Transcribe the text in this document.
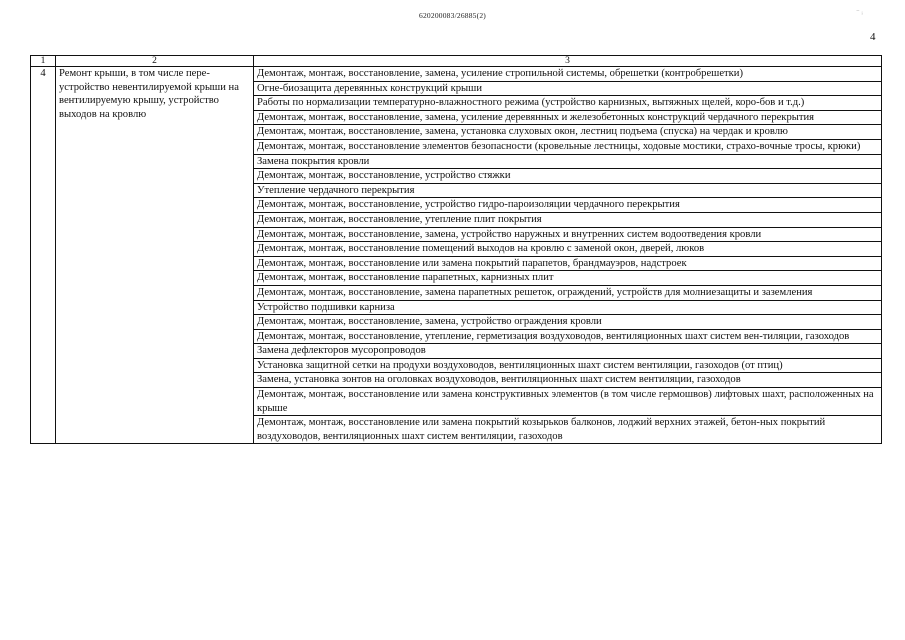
620200083/26885(2)	⁻ ᵢ
4
1	2	3
4	Ремонт крыши, в том числе пере-устройство невентилируемой крыши на вентилируемую крышу, устройство выходов на кровлю	Демонтаж, монтаж, восстановление, замена, усиление стропильной системы, обрешетки (контробрешетки)
		Огне-биозащита деревянных конструкций крыши
		Работы по нормализации температурно-влажностного режима (устройство карнизных, вытяжных щелей, коро-бов и т.д.)
		Демонтаж, монтаж, восстановление, замена, усиление деревянных и железобетонных конструкций чердачного перекрытия
		Демонтаж, монтаж, восстановление, замена, установка слуховых окон, лестниц подъема (спуска) на чердак и кровлю
		Демонтаж, монтаж, восстановление элементов безопасности (кровельные лестницы, ходовые мостики, страхо-вочные тросы, крюки)
		Замена покрытия кровли
		Демонтаж, монтаж, восстановление, устройство стяжки
		Утепление чердачного перекрытия
		Демонтаж, монтаж, восстановление, устройство гидро-пароизоляции чердачного перекрытия
		Демонтаж, монтаж, восстановление, утепление плит покрытия
		Демонтаж, монтаж, восстановление, замена, устройство наружных и внутренних систем водоотведения кровли
		Демонтаж, монтаж, восстановление помещений выходов на кровлю с заменой окон, дверей, люков
		Демонтаж, монтаж, восстановление или замена покрытий парапетов, брандмауэров, надстроек
		Демонтаж, монтаж, восстановление парапетных, карнизных плит
		Демонтаж, монтаж, восстановление, замена парапетных решеток, ограждений, устройств для молниезащиты и заземления
		Устройство подшивки карниза
		Демонтаж, монтаж, восстановление, замена, устройство ограждения кровли
		Демонтаж, монтаж, восстановление, утепление, герметизация воздуховодов, вентиляционных шахт систем вен-тиляции, газоходов
		Замена дефлекторов мусоропроводов
		Установка защитной сетки на продухи воздуховодов, вентиляционных шахт систем вентиляции, газоходов (от птиц)
		Замена, установка зонтов на оголовках воздуховодов, вентиляционных шахт систем вентиляции, газоходов
		Демонтаж, монтаж, восстановление или замена конструктивных элементов (в том числе гермошвов) лифтовых шахт, расположенных на крыше
		Демонтаж, монтаж, восстановление или замена покрытий козырьков балконов, лоджий верхних этажей, бетон-ных покрытий воздуховодов, вентиляционных шахт систем вентиляции, газоходов
